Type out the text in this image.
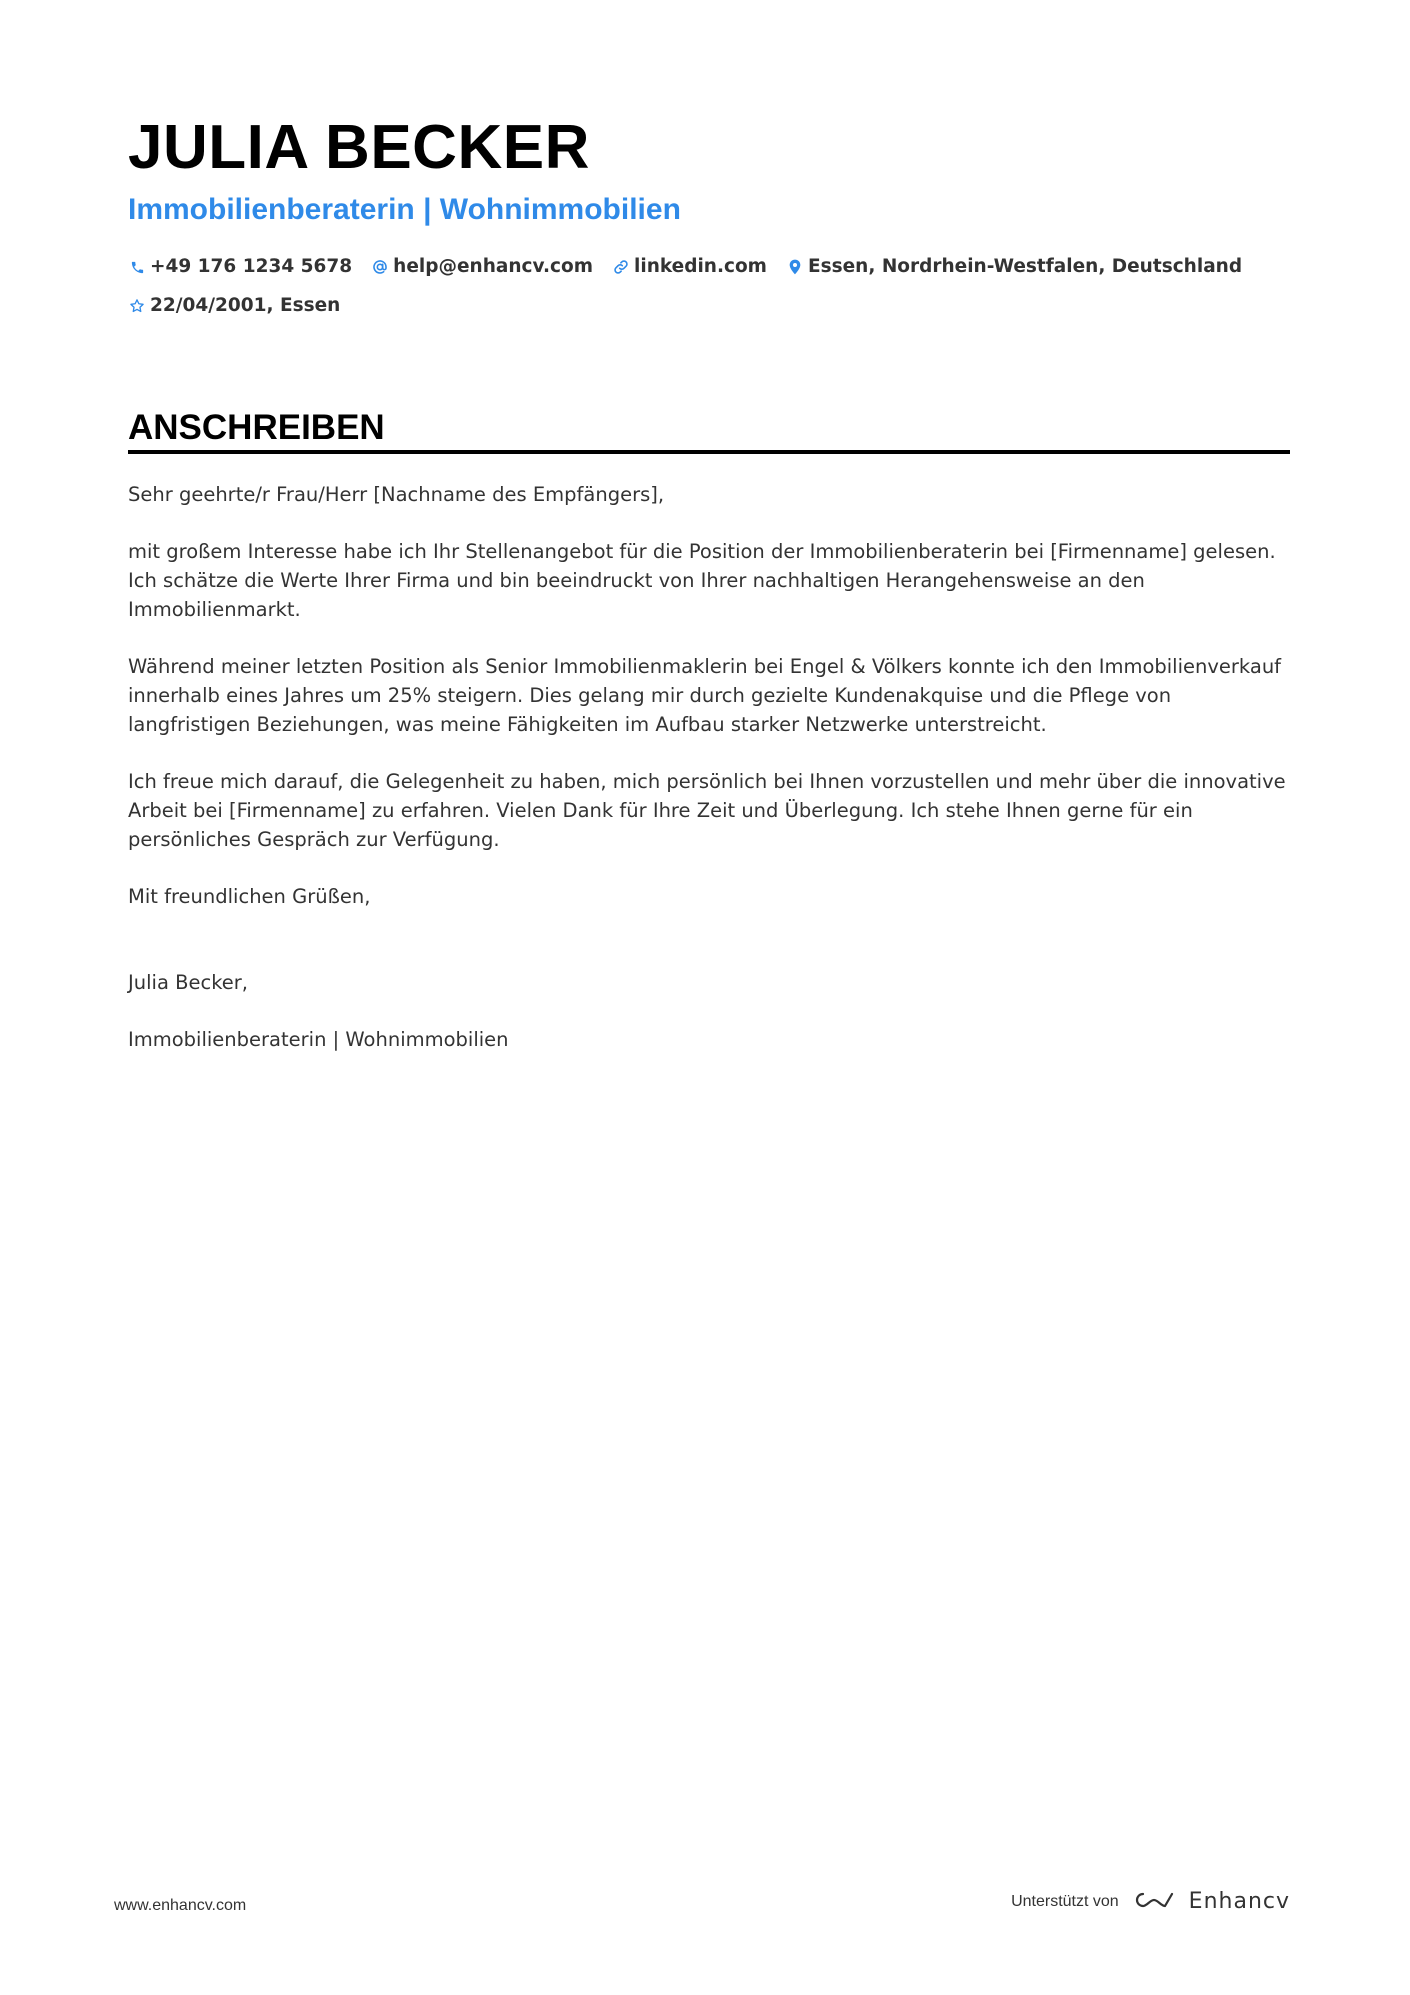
JULIA BECKER
Immobilienberaterin | Wohnimmobilien
+49 176 1234 5678 help@enhancv.com linkedin.com Essen, Nordrhein-Westfalen, Deutschland
22/04/2001, Essen
ANSCHREIBEN

Sehr geehrte/r Frau/Herr [Nachname des Empfängers],

mit großem Interesse habe ich Ihr Stellenangebot für die Position der Immobilienberaterin bei [Firmenname] gelesen. Ich schätze die Werte Ihrer Firma und bin beeindruckt von Ihrer nachhaltigen Herangehensweise an den Immobilienmarkt.

Während meiner letzten Position als Senior Immobilienmaklerin bei Engel & Völkers konnte ich den Immobilienverkauf innerhalb eines Jahres um 25% steigern. Dies gelang mir durch gezielte Kundenakquise und die Pflege von langfristigen Beziehungen, was meine Fähigkeiten im Aufbau starker Netzwerke unterstreicht.

Ich freue mich darauf, die Gelegenheit zu haben, mich persönlich bei Ihnen vorzustellen und mehr über die innovative Arbeit bei [Firmenname] zu erfahren. Vielen Dank für Ihre Zeit und Überlegung. Ich stehe Ihnen gerne für ein persönliches Gespräch zur Verfügung.

Mit freundlichen Grüßen,

Julia Becker,

Immobilienberaterin | Wohnimmobilien

www.enhancv.com	Unterstützt von	Enhancv
